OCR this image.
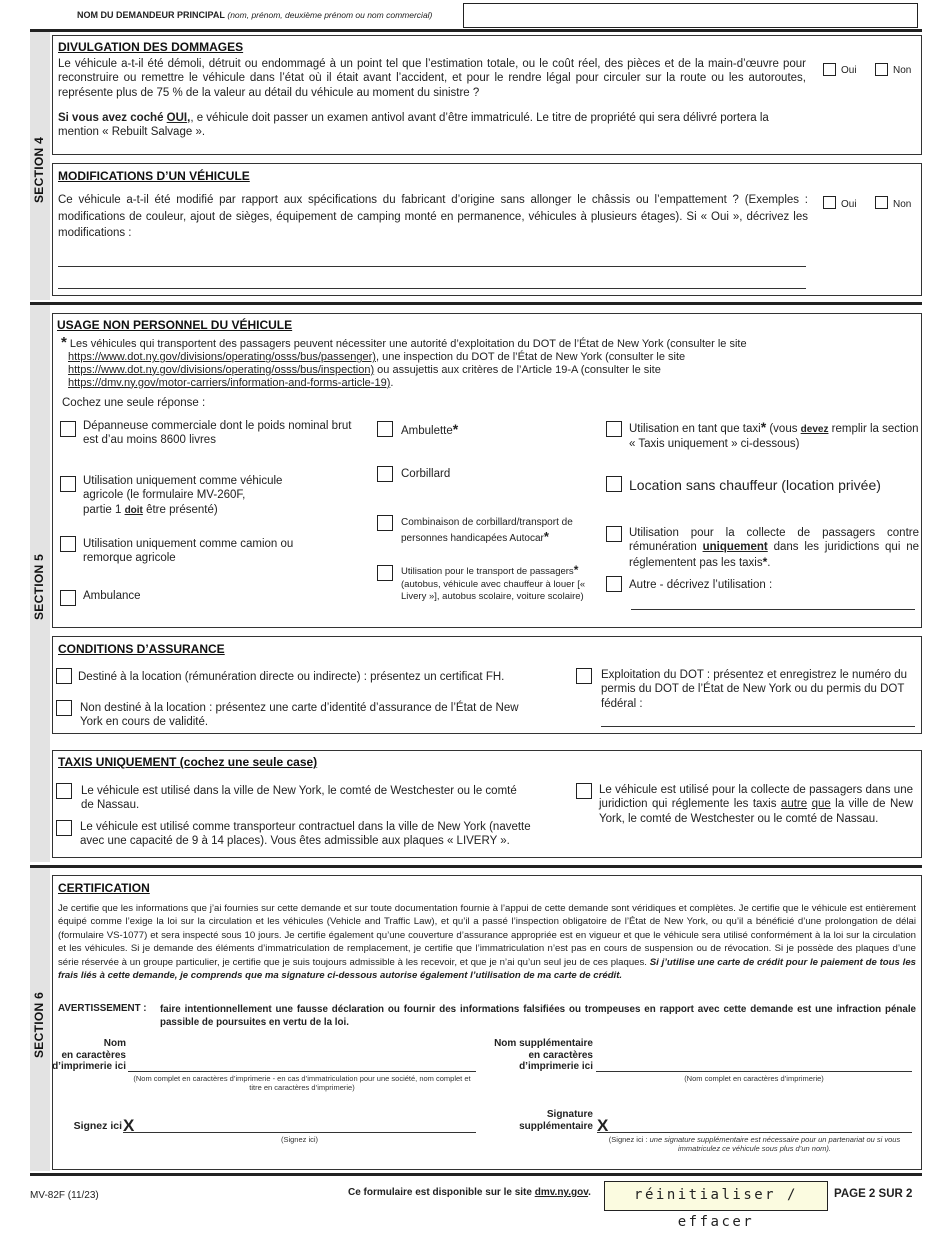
NOM DU DEMANDEUR PRINCIPAL (nom, prénom, deuxième prénom ou nom commercial)
SECTION 4
DIVULGATION DES DOMMAGES
Le véhicule a-t-il été démoli, détruit ou endommagé à un point tel que l’estimation totale, ou le coût réel, des pièces et de la main-d’œuvre pour reconstruire ou remettre le véhicule dans l’état où il était avant l’accident, et pour le rendre légal pour circuler sur la route ou les autoroutes, représente plus de 75 % de la valeur au détail du véhicule au moment du sinistre ?
Si vous avez coché OUI,, e véhicule doit passer un examen antivol avant d’être immatriculé. Le titre de propriété qui sera délivré portera la mention « Rebuilt Salvage ».
Oui	Non
MODIFICATIONS D’UN VÉHICULE
Ce véhicule a-t-il été modifié par rapport aux spécifications du fabricant d’origine sans allonger le châssis ou l’empattement ? (Exemples : modifications de couleur, ajout de sièges, équipement de camping monté en permanence, véhicules à plusieurs étages). Si « Oui », décrivez les modifications :
Oui	Non
SECTION 5
USAGE NON PERSONNEL DU VÉHICULE
* Les véhicules qui transportent des passagers peuvent nécessiter une autorité d’exploitation du DOT de l’État de New York (consulter le site
https://www.dot.ny.gov/divisions/operating/osss/bus/passenger), une inspection du DOT de l’État de New York (consulter le site
https://www.dot.ny.gov/divisions/operating/osss/bus/inspection) ou assujettis aux critères de l’Article 19-A (consulter le site
https://dmv.ny.gov/motor-carriers/information-and-forms-article-19).
Cochez une seule réponse :
Dépanneuse commerciale dont le poids nominal brut est d’au moins 8600 livres
Utilisation uniquement comme véhicule agricole (le formulaire MV-260F,
partie 1 doit être présenté)
Utilisation uniquement comme camion ou remorque agricole
Ambulance
Ambulette*
Corbillard
Combinaison de corbillard/transport de personnes handicapées Autocar*
Utilisation pour le transport de passagers*
(autobus, véhicule avec chauffeur à louer [« Livery »], autobus scolaire, voiture scolaire)
Utilisation en tant que taxi* (vous devez remplir la section « Taxis uniquement » ci-dessous)
Location sans chauffeur (location privée)
Utilisation pour la collecte de passagers contre rémunération uniquement dans les juridictions qui ne réglementent pas les taxis*.
Autre - décrivez l’utilisation :
CONDITIONS D’ASSURANCE
Destiné à la location (rémunération directe ou indirecte) : présentez un certificat FH.
Non destiné à la location : présentez une carte d’identité d’assurance de l’État de New York en cours de validité.
Exploitation du DOT : présentez et enregistrez le numéro du permis du DOT de l’État de New York ou du permis du DOT fédéral :
TAXIS UNIQUEMENT (cochez une seule case)
Le véhicule est utilisé dans la ville de New York, le comté de Westchester ou le comté de Nassau.
Le véhicule est utilisé comme transporteur contractuel dans la ville de New York (navette avec une capacité de 9 à 14 places). Vous êtes admissible aux plaques « LIVERY ».
Le véhicule est utilisé pour la collecte de passagers dans une juridiction qui réglemente les taxis autre que la ville de New York, le comté de Westchester ou le comté de Nassau.
SECTION 6
CERTIFICATION
Je certifie que les informations que j’ai fournies sur cette demande et sur toute documentation fournie à l’appui de cette demande sont véridiques et complètes. Je certifie que le véhicule est entièrement équipé comme l’exige la loi sur la circulation et les véhicules (Vehicle and Traffic Law), et qu’il a passé l’inspection obligatoire de l’État de New York, ou qu’il a bénéficié d’une prolongation de délai (formulaire VS-1077) et sera inspecté sous 10 jours. Je certifie également qu’une couverture d’assurance appropriée est en vigueur et que le véhicule sera utilisé conformément à la loi sur la circulation et les véhicules. Si je demande des éléments d’immatriculation de remplacement, je certifie que l’immatriculation n’est pas en cours de suspension ou de révocation. Si je possède des plaques d’une série réservée à un groupe particulier, je certifie que je suis toujours admissible à les recevoir, et que je n’ai qu’un seul jeu de ces plaques. Si j’utilise une carte de crédit pour le paiement de tous les frais liés à cette demande, je comprends que ma signature ci-dessous autorise également l’utilisation de ma carte de crédit.
AVERTISSEMENT : faire intentionnellement une fausse déclaration ou fournir des informations falsifiées ou trompeuses en rapport avec cette demande est une infraction pénale passible de poursuites en vertu de la loi.
Nom
en caractères
d’imprimerie ici
(Nom complet en caractères d’imprimerie - en cas d’immatriculation pour une société, nom complet et titre en caractères d’imprimerie)
Nom supplémentaire
en caractères
d’imprimerie ici
(Nom complet en caractères d’imprimerie)
Signez ici X
(Signez ici)
Signature
supplémentaire X
(Signez ici : une signature supplémentaire est nécessaire pour un partenariat ou si vous immatriculez ce véhicule sous plus d’un nom).
MV-82F (11/23)	Ce formulaire est disponible sur le site dmv.ny.gov.	réinitialiser / effacer
PAGE 2 SUR 2
